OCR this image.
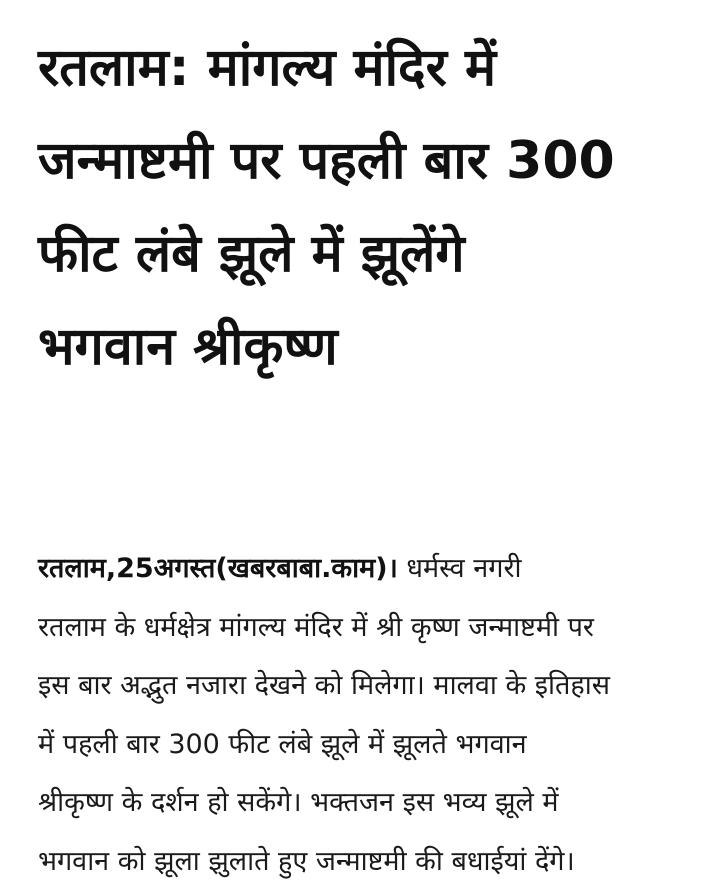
रतलाम: मांगल्य मंदिर में
जन्माष्टमी पर पहली बार 300
फीट लंबे झूले में झूलेंगे
भगवान श्रीकृष्ण

रतलाम,25अगस्त(खबरबाबा.काम)। धर्मस्व नगरी
रतलाम के धर्मक्षेत्र मांगल्य मंदिर में श्री कृष्ण जन्माष्टमी पर
इस बार अद्भुत नजारा देखने को मिलेगा। मालवा के इतिहास
में पहली बार 300 फीट लंबे झूले में झूलते भगवान
श्रीकृष्ण के दर्शन हो सकेंगे। भक्तजन इस भव्य झूले में
भगवान को झूला झुलाते हुए जन्माष्टमी की बधाईयां देंगे।
